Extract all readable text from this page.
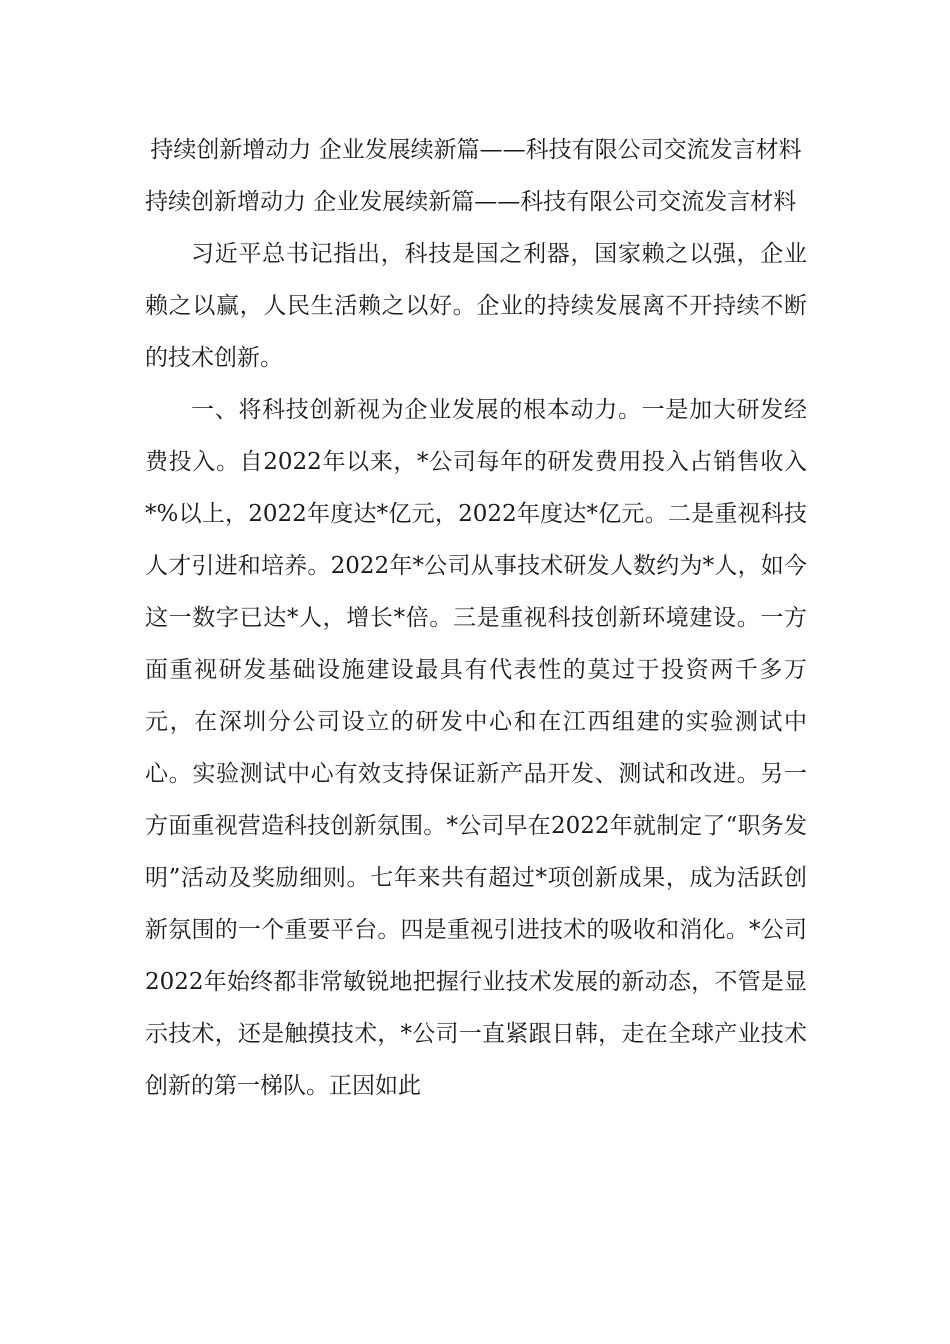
持续创新增动力 企业发展续新篇——科技有限公司交流发言材料
持续创新增动力 企业发展续新篇——科技有限公司交流发言材料

习近平总书记指出，科技是国之利器，国家赖之以强，企业赖之以赢，人民生活赖之以好。企业的持续发展离不开持续不断的技术创新。

一、将科技创新视为企业发展的根本动力。一是加大研发经费投入。自2022年以来，*公司每年的研发费用投入占销售收入*%以上，2022年度达*亿元，2022年度达*亿元。二是重视科技人才引进和培养。2022年*公司从事技术研发人数约为*人，如今这一数字已达*人，增长*倍。三是重视科技创新环境建设。一方面重视研发基础设施建设最具有代表性的莫过于投资两千多万元，在深圳分公司设立的研发中心和在江西组建的实验测试中心。实验测试中心有效支持保证新产品开发、测试和改进。另一方面重视营造科技创新氛围。*公司早在2022年就制定了“职务发明”活动及奖励细则。七年来共有超过*项创新成果，成为活跃创新氛围的一个重要平台。四是重视引进技术的吸收和消化。*公司2022年始终都非常敏锐地把握行业技术发展的新动态，不管是显示技术，还是触摸技术，*公司一直紧跟日韩，走在全球产业技术创新的第一梯队。正因如此
